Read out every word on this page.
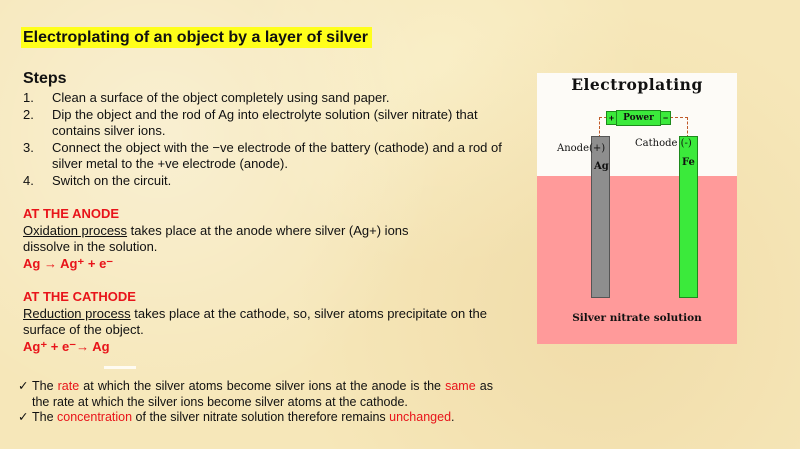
Electroplating of an object by a layer of silver
Steps
1. Clean a surface of the object completely using sand paper.
2. Dip the object and the rod of Ag into electrolyte solution (silver nitrate) that contains silver ions.
3. Connect the object with the −ve electrode of the battery (cathode) and a rod of silver metal to the +ve electrode (anode).
4. Switch on the circuit.
AT THE ANODE
Oxidation process takes place at the anode where silver (Ag+) ions dissolve in the solution.
Ag → Ag⁺ + e⁻
AT THE CATHODE
Reduction process takes place at the cathode, so, silver atoms precipitate on the surface of the object.
Ag⁺ + e⁻→ Ag
✓ The rate at which the silver atoms become silver ions at the anode is the same as the rate at which the silver ions become silver atoms at the cathode.
✓ The concentration of the silver nitrate solution therefore remains unchanged.
Electroplating
+	Power −
Anode(+)	Cathode (-)
Ag	Fe
Silver nitrate solution
